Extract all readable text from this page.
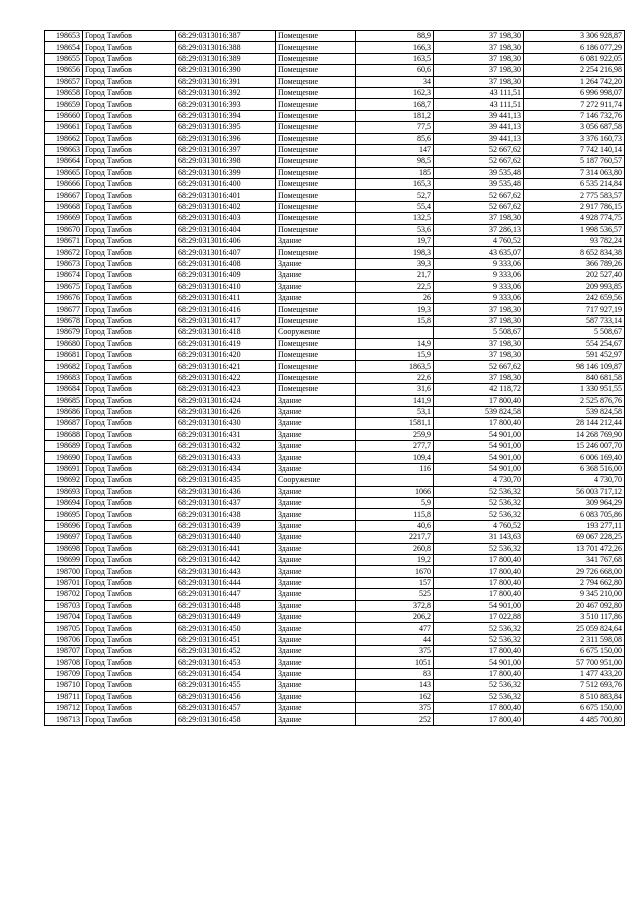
198653	Город Тамбов	68:29:0313016:387	Помещение	88,9	37 198,30	3 306 928,87
198654	Город Тамбов	68:29:0313016:388	Помещение	166,3	37 198,30	6 186 077,29
198655	Город Тамбов	68:29:0313016:389	Помещение	163,5	37 198,30	6 081 922,05
198656	Город Тамбов	68:29:0313016:390	Помещение	60,6	37 198,30	2 254 216,98
198657	Город Тамбов	68:29:0313016:391	Помещение	34	37 198,30	1 264 742,20
198658	Город Тамбов	68:29:0313016:392	Помещение	162,3	43 111,51	6 996 998,07
198659	Город Тамбов	68:29:0313016:393	Помещение	168,7	43 111,51	7 272 911,74
198660	Город Тамбов	68:29:0313016:394	Помещение	181,2	39 441,13	7 146 732,76
198661	Город Тамбов	68:29:0313016:395	Помещение	77,5	39 441,13	3 056 687,58
198662	Город Тамбов	68:29:0313016:396	Помещение	85,6	39 441,13	3 376 160,73
198663	Город Тамбов	68:29:0313016:397	Помещение	147	52 667,62	7 742 140,14
198664	Город Тамбов	68:29:0313016:398	Помещение	98,5	52 667,62	5 187 760,57
198665	Город Тамбов	68:29:0313016:399	Помещение	185	39 535,48	7 314 063,80
198666	Город Тамбов	68:29:0313016:400	Помещение	165,3	39 535,48	6 535 214,84
198667	Город Тамбов	68:29:0313016:401	Помещение	52,7	52 667,62	2 775 583,57
198668	Город Тамбов	68:29:0313016:402	Помещение	55,4	52 667,62	2 917 786,15
198669	Город Тамбов	68:29:0313016:403	Помещение	132,5	37 198,30	4 928 774,75
198670	Город Тамбов	68:29:0313016:404	Помещение	53,6	37 286,13	1 998 536,57
198671	Город Тамбов	68:29:0313016:406	Здание	19,7	4 760,52	93 782,24
198672	Город Тамбов	68:29:0313016:407	Помещение	198,3	43 635,07	8 652 834,38
198673	Город Тамбов	68:29:0313016:408	Здание	39,3	9 333,06	366 789,26
198674	Город Тамбов	68:29:0313016:409	Здание	21,7	9 333,06	202 527,40
198675	Город Тамбов	68:29:0313016:410	Здание	22,5	9 333,06	209 993,85
198676	Город Тамбов	68:29:0313016:411	Здание	26	9 333,06	242 659,56
198677	Город Тамбов	68:29:0313016:416	Помещение	19,3	37 198,30	717 927,19
198678	Город Тамбов	68:29:0313016:417	Помещение	15,8	37 198,30	587 733,14
198679	Город Тамбов	68:29:0313016:418	Сооружение		5 508,67	5 508,67
198680	Город Тамбов	68:29:0313016:419	Помещение	14,9	37 198,30	554 254,67
198681	Город Тамбов	68:29:0313016:420	Помещение	15,9	37 198,30	591 452,97
198682	Город Тамбов	68:29:0313016:421	Помещение	1863,5	52 667,62	98 146 109,87
198683	Город Тамбов	68:29:0313016:422	Помещение	22,6	37 198,30	840 681,58
198684	Город Тамбов	68:29:0313016:423	Помещение	31,6	42 118,72	1 330 951,55
198685	Город Тамбов	68:29:0313016:424	Здание	141,9	17 800,40	2 525 876,76
198686	Город Тамбов	68:29:0313016:426	Здание	53,1	539 824,58	539 824,58
198687	Город Тамбов	68:29:0313016:430	Здание	1581,1	17 800,40	28 144 212,44
198688	Город Тамбов	68:29:0313016:431	Здание	259,9	54 901,00	14 268 769,90
198689	Город Тамбов	68:29:0313016:432	Здание	277,7	54 901,00	15 246 007,70
198690	Город Тамбов	68:29:0313016:433	Здание	109,4	54 901,00	6 006 169,40
198691	Город Тамбов	68:29:0313016:434	Здание	116	54 901,00	6 368 516,00
198692	Город Тамбов	68:29:0313016:435	Сооружение		4 730,70	4 730,70
198693	Город Тамбов	68:29:0313016:436	Здание	1066	52 536,32	56 003 717,12
198694	Город Тамбов	68:29:0313016:437	Здание	5,9	52 536,32	309 964,29
198695	Город Тамбов	68:29:0313016:438	Здание	115,8	52 536,32	6 083 705,86
198696	Город Тамбов	68:29:0313016:439	Здание	40,6	4 760,52	193 277,11
198697	Город Тамбов	68:29:0313016:440	Здание	2217,7	31 143,63	69 067 228,25
198698	Город Тамбов	68:29:0313016:441	Здание	260,8	52 536,32	13 701 472,26
198699	Город Тамбов	68:29:0313016:442	Здание	19,2	17 800,40	341 767,68
198700	Город Тамбов	68:29:0313016:443	Здание	1670	17 800,40	29 726 668,00
198701	Город Тамбов	68:29:0313016:444	Здание	157	17 800,40	2 794 662,80
198702	Город Тамбов	68:29:0313016:447	Здание	525	17 800,40	9 345 210,00
198703	Город Тамбов	68:29:0313016:448	Здание	372,8	54 901,00	20 467 092,80
198704	Город Тамбов	68:29:0313016:449	Здание	206,2	17 022,88	3 510 117,86
198705	Город Тамбов	68:29:0313016:450	Здание	477	52 536,32	25 059 824,64
198706	Город Тамбов	68:29:0313016:451	Здание	44	52 536,32	2 311 598,08
198707	Город Тамбов	68:29:0313016:452	Здание	375	17 800,40	6 675 150,00
198708	Город Тамбов	68:29:0313016:453	Здание	1051	54 901,00	57 700 951,00
198709	Город Тамбов	68:29:0313016:454	Здание	83	17 800,40	1 477 433,20
198710	Город Тамбов	68:29:0313016:455	Здание	143	52 536,32	7 512 693,76
198711	Город Тамбов	68:29:0313016:456	Здание	162	52 536,32	8 510 883,84
198712	Город Тамбов	68:29:0313016:457	Здание	375	17 800,40	6 675 150,00
198713	Город Тамбов	68:29:0313016:458	Здание	252	17 800,40	4 485 700,80
